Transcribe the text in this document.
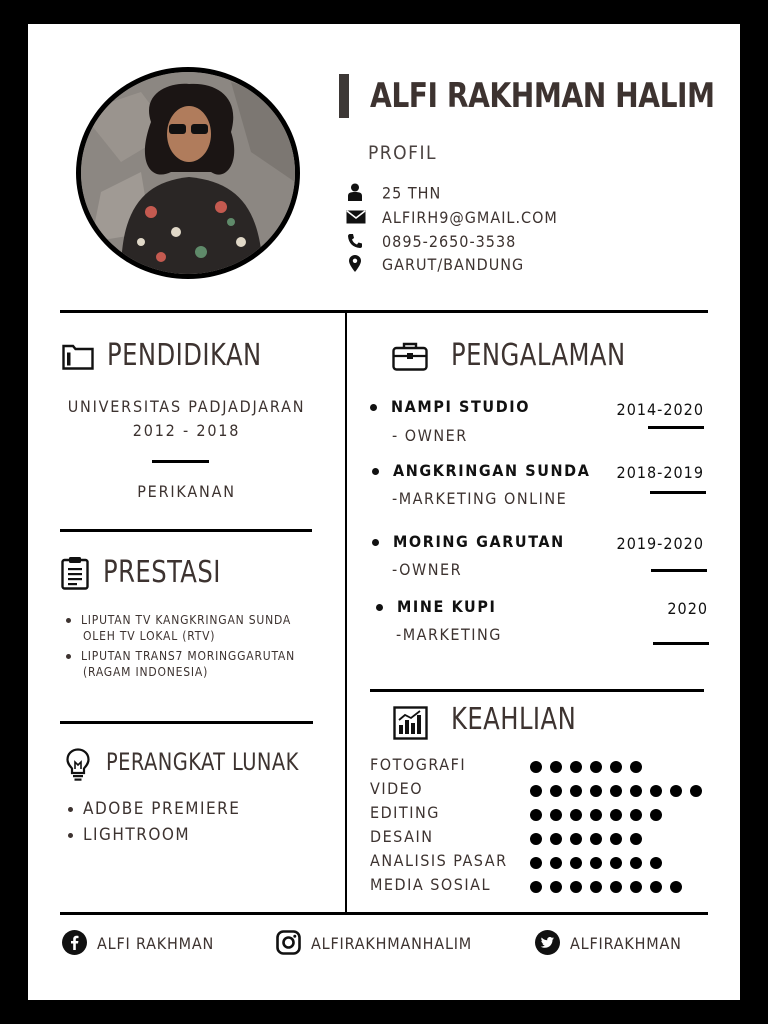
ALFI RAKHMAN HALIM
PROFIL
25 THN
ALFIRH9@GMAIL.COM
0895-2650-3538
GARUT/BANDUNG
PENDIDIKAN
UNIVERSITAS PADJADJARAN
2012 - 2018
PERIKANAN
PRESTASI
LIPUTAN TV KANGKRINGAN SUNDA
OLEH TV LOKAL (RTV)
LIPUTAN TRANS7 MORINGGARUTAN
(RAGAM INDONESIA)
PERANGKAT LUNAK
ADOBE PREMIERE
LIGHTROOM
PENGALAMAN
NAMPI STUDIO
- OWNER
2014-2020
ANGKRINGAN SUNDA
-MARKETING ONLINE
2018-2019
MORING GARUTAN
-OWNER
2019-2020
MINE KUPI
-MARKETING
2020
KEAHLIAN
ALFI RAKHMAN	ALFIRAKHMANHALIM	ALFIRAKHMAN
FOTOGRAFI
VIDEO
EDITING
DESAIN
ANALISIS PASAR
MEDIA SOSIAL
